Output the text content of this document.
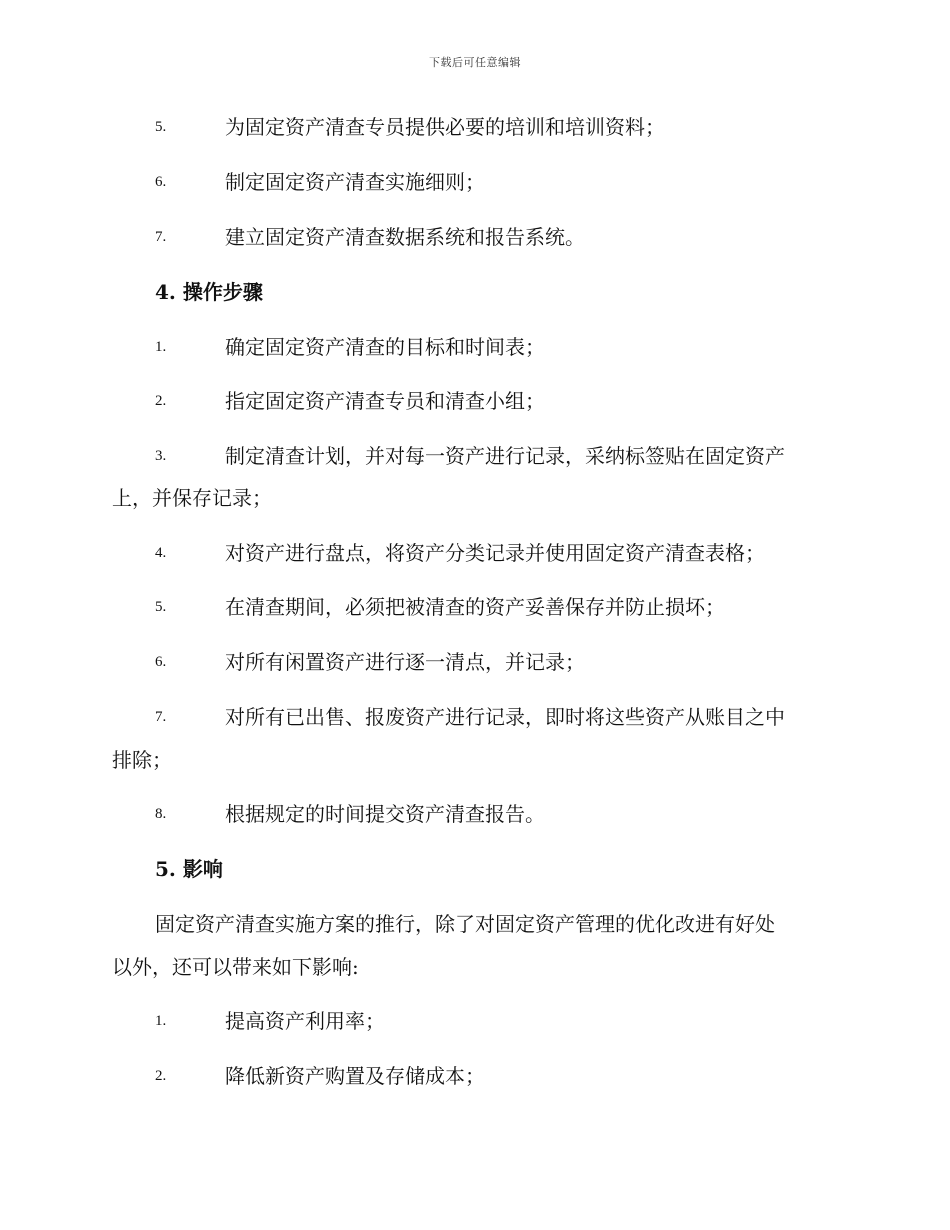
下载后可任意编辑
5.	为固定资产清查专员提供必要的培训和培训资料；
6.	制定固定资产清查实施细则；
7.	建立固定资产清查数据系统和报告系统。
4. 操作步骤
1.	确定固定资产清查的目标和时间表；
2.	指定固定资产清查专员和清查小组；
3.	制定清查计划，并对每一资产进行记录，采纳标签贴在固定资产
上，并保存记录；
4.	对资产进行盘点，将资产分类记录并使用固定资产清查表格；
5.	在清查期间，必须把被清查的资产妥善保存并防止损坏；
6.	对所有闲置资产进行逐一清点，并记录；
7.	对所有已出售、报废资产进行记录，即时将这些资产从账目之中
排除；
8.	根据规定的时间提交资产清查报告。
5. 影响
固定资产清查实施方案的推行，除了对固定资产管理的优化改进有好处
以外，还可以带来如下影响:
1.	提高资产利用率；
2.	降低新资产购置及存储成本；
